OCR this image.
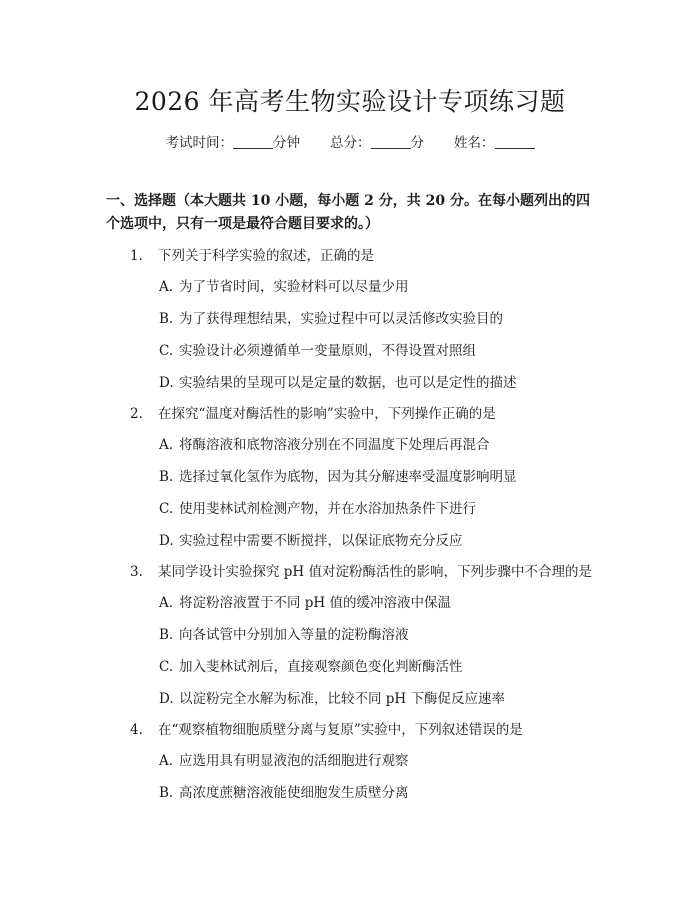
2026 年高考生物实验设计专项练习题
考试时间：	分钟 总分：	分 姓名：
一、选择题（本大题共 10 小题，每小题 2 分，共 20 分。在每小题列出的四个选项中，只有一项是最符合题目要求的。）
1. 下列关于科学实验的叙述，正确的是
A. 为了节省时间，实验材料可以尽量少用
B. 为了获得理想结果，实验过程中可以灵活修改实验目的
C. 实验设计必须遵循单一变量原则，不得设置对照组
D. 实验结果的呈现可以是定量的数据，也可以是定性的描述
2. 在探究“温度对酶活性的影响”实验中，下列操作正确的是
A. 将酶溶液和底物溶液分别在不同温度下处理后再混合
B. 选择过氧化氢作为底物，因为其分解速率受温度影响明显
C. 使用斐林试剂检测产物，并在水浴加热条件下进行
D. 实验过程中需要不断搅拌，以保证底物充分反应
3. 某同学设计实验探究 pH 值对淀粉酶活性的影响，下列步骤中不合理的是
A. 将淀粉溶液置于不同 pH 值的缓冲溶液中保温
B. 向各试管中分别加入等量的淀粉酶溶液
C. 加入斐林试剂后，直接观察颜色变化判断酶活性
D. 以淀粉完全水解为标准，比较不同 pH 下酶促反应速率
4. 在“观察植物细胞质壁分离与复原”实验中，下列叙述错误的是
A. 应选用具有明显液泡的活细胞进行观察
B. 高浓度蔗糖溶液能使细胞发生质壁分离
